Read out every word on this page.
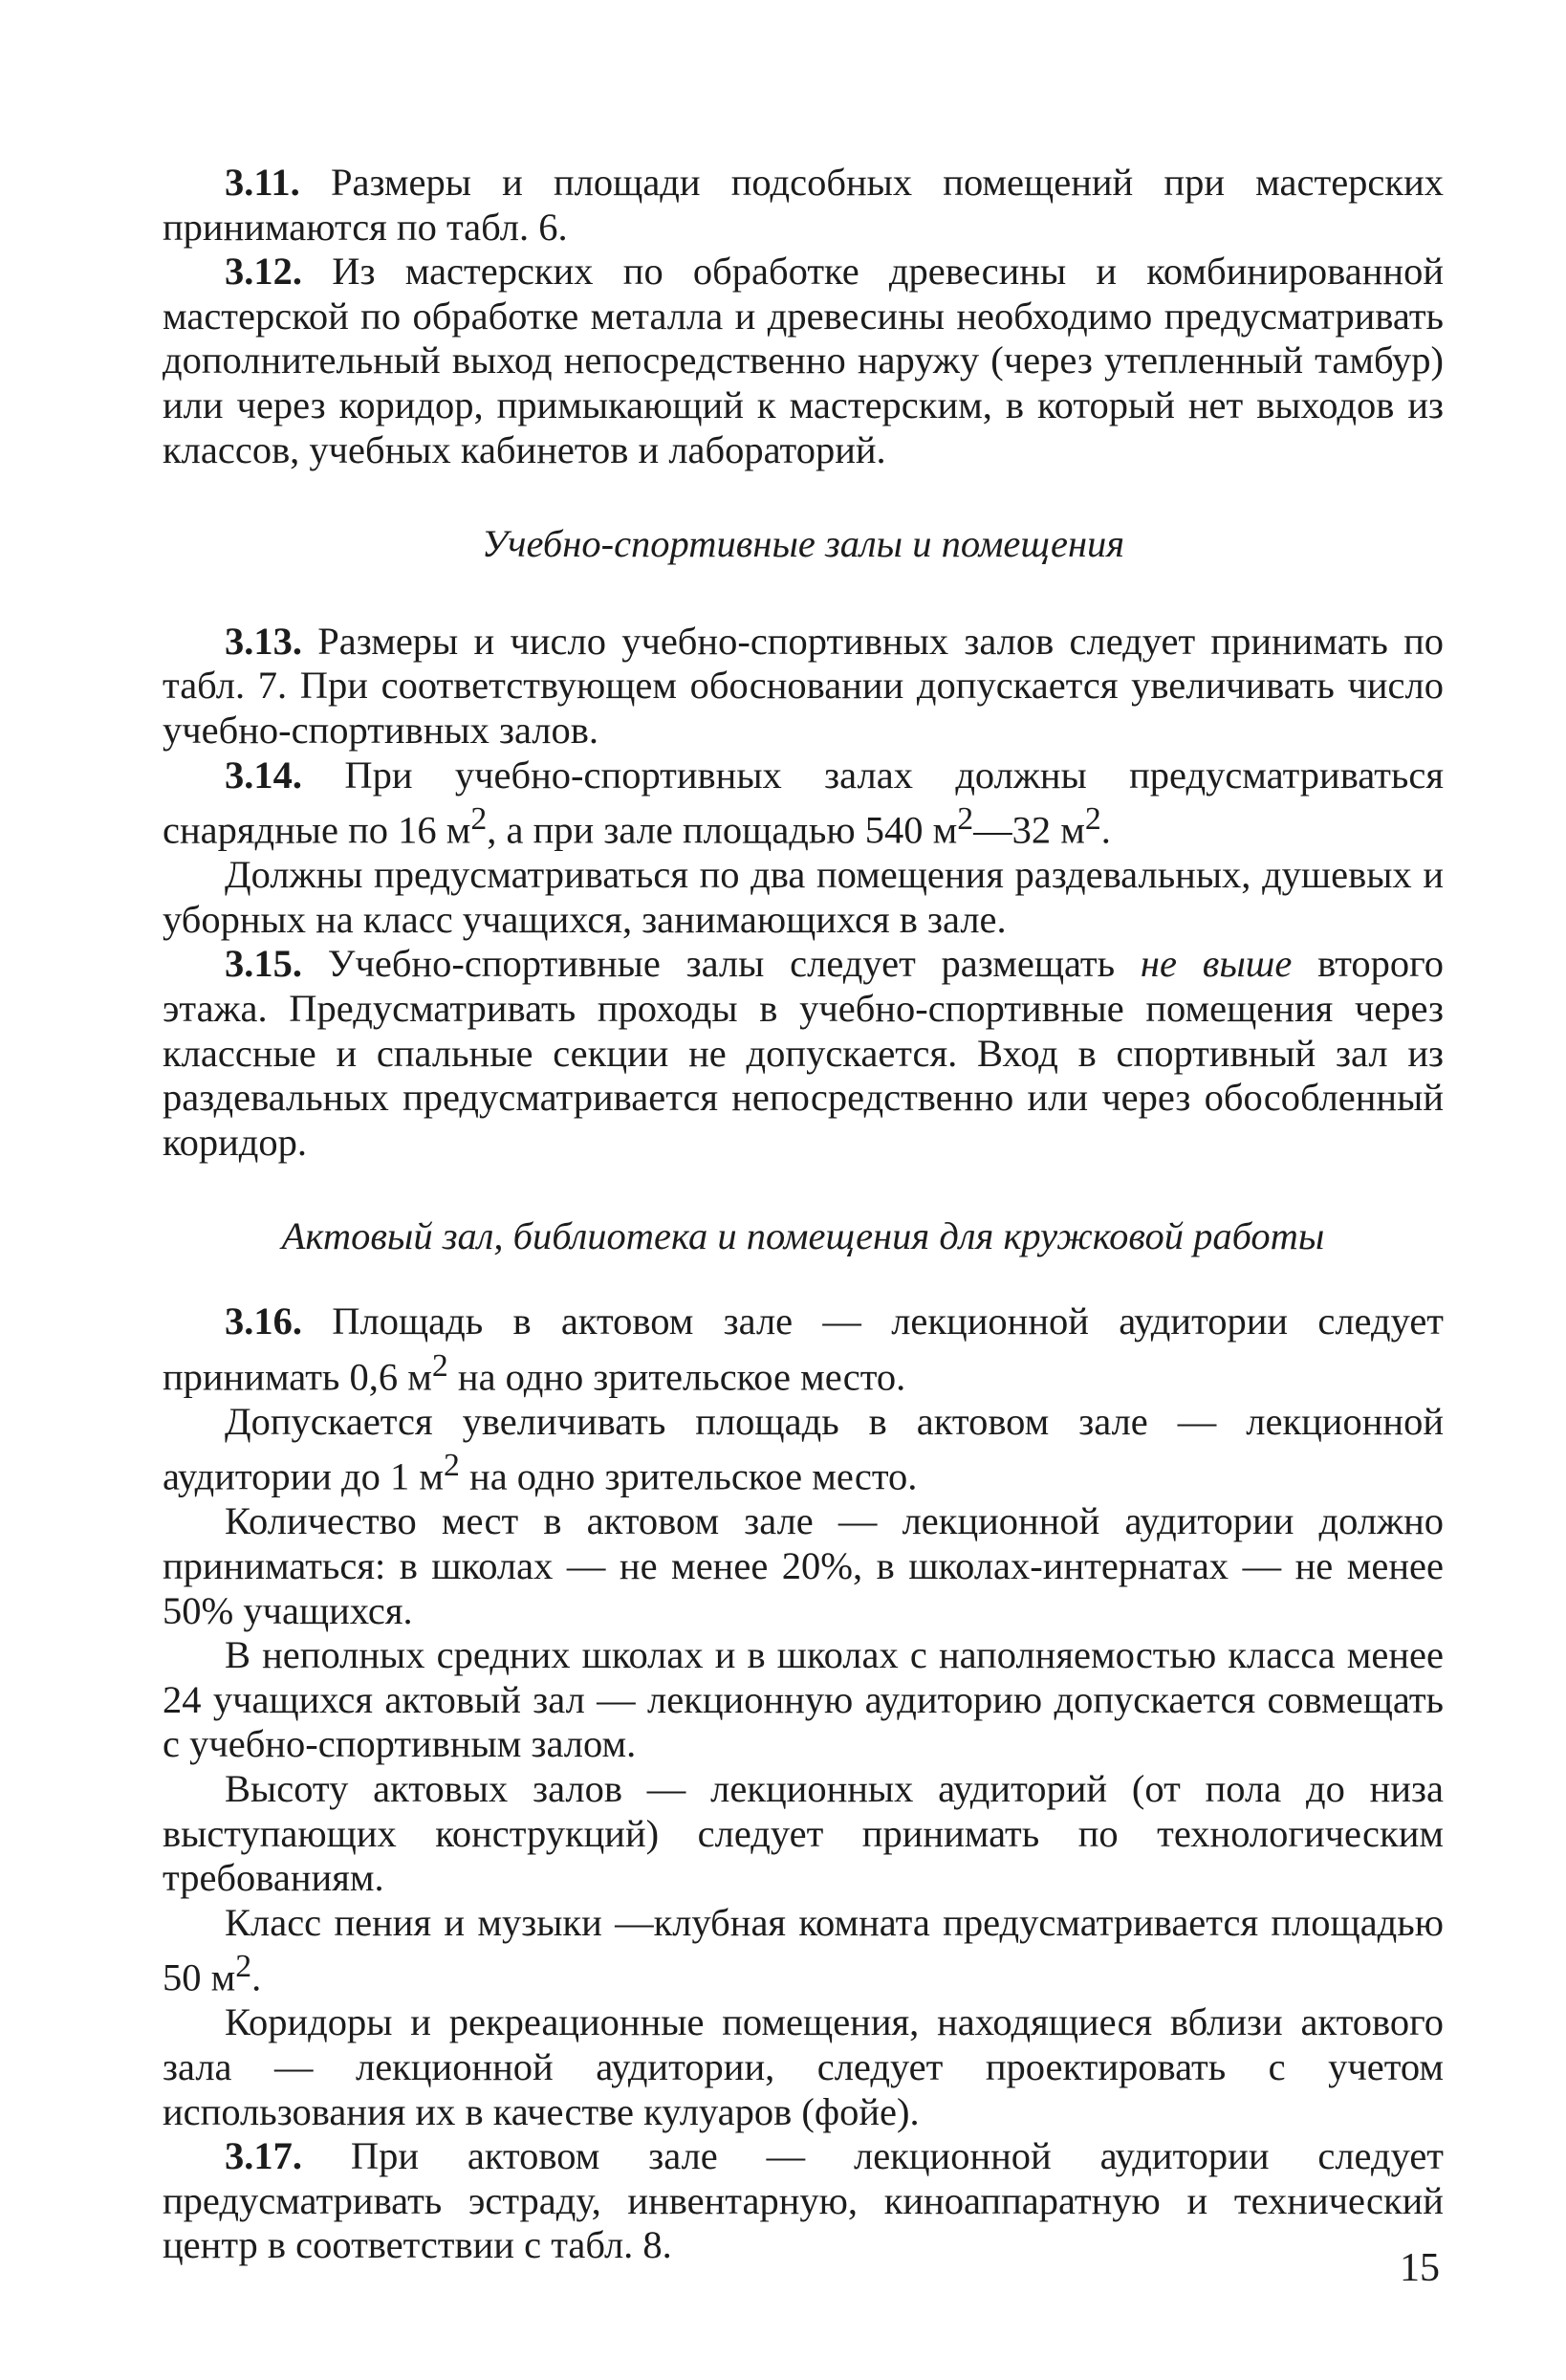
3.11. Размеры и площади подсобных помещений при мастерских принимаются по табл. 6.

3.12. Из мастерских по обработке древесины и комбинированной мастерской по обработке металла и древесины необходимо предусматривать дополнительный выход непосредственно наружу (через утепленный тамбур) или через коридор, примыкающий к мастерским, в который нет выходов из классов, учебных кабинетов и лабораторий.

Учебно-спортивные залы и помещения

3.13. Размеры и число учебно-спортивных залов следует принимать по табл. 7. При соответствующем обосновании допускается увеличивать число учебно-спортивных залов.

3.14. При учебно-спортивных залах должны предусматриваться снарядные по 16 $м^2$, а при зале площадью 540 $м^2—32$ $м^2$.

Должны предусматриваться по два помещения раздевальных, душевых и уборных на класс учащихся, занимающихся в зале.

3.15. Учебно-спортивные залы следует размещать не выше второго этажа. Предусматривать проходы в учебно-спортивные помещения через классные и спальные секции не допускается. Вход в спортивный зал из раздевальных предусматривается непосредственно или через обособленный коридор.

Актовый зал, библиотека и помещения для кружковой работы

3.16. Площадь в актовом зале — лекционной аудитории следует принимать 0,6 $м^2$ на одно зрительское место.

Допускается увеличивать площадь в актовом зале — лекционной аудитории до 1 $м^2$ на одно зрительское место.

Количество мест в актовом зале — лекционной аудитории должно приниматься: в школах — не менее 20%, в школах-интернатах — не менее 50% учащихся.

В неполных средних школах и в школах с наполняемостью класса менее 24 учащихся актовый зал — лекционную аудиторию допускается совмещать с учебно-спортивным залом.

Высоту актовых залов — лекционных аудиторий (от пола до низа выступающих конструкций) следует принимать по технологическим требованиям.

Класс пения и музыки —клубная комната предусматривается площадью 50 $м^2$.

Коридоры и рекреационные помещения, находящиеся вблизи актового зала — лекционной аудитории, следует проектировать с учетом использования их в качестве кулуаров (фойе).

3.17. При актовом зале — лекционной аудитории следует предусматривать эстраду, инвентарную, киноаппаратную и технический центр в соответствии с табл. 8.

15
